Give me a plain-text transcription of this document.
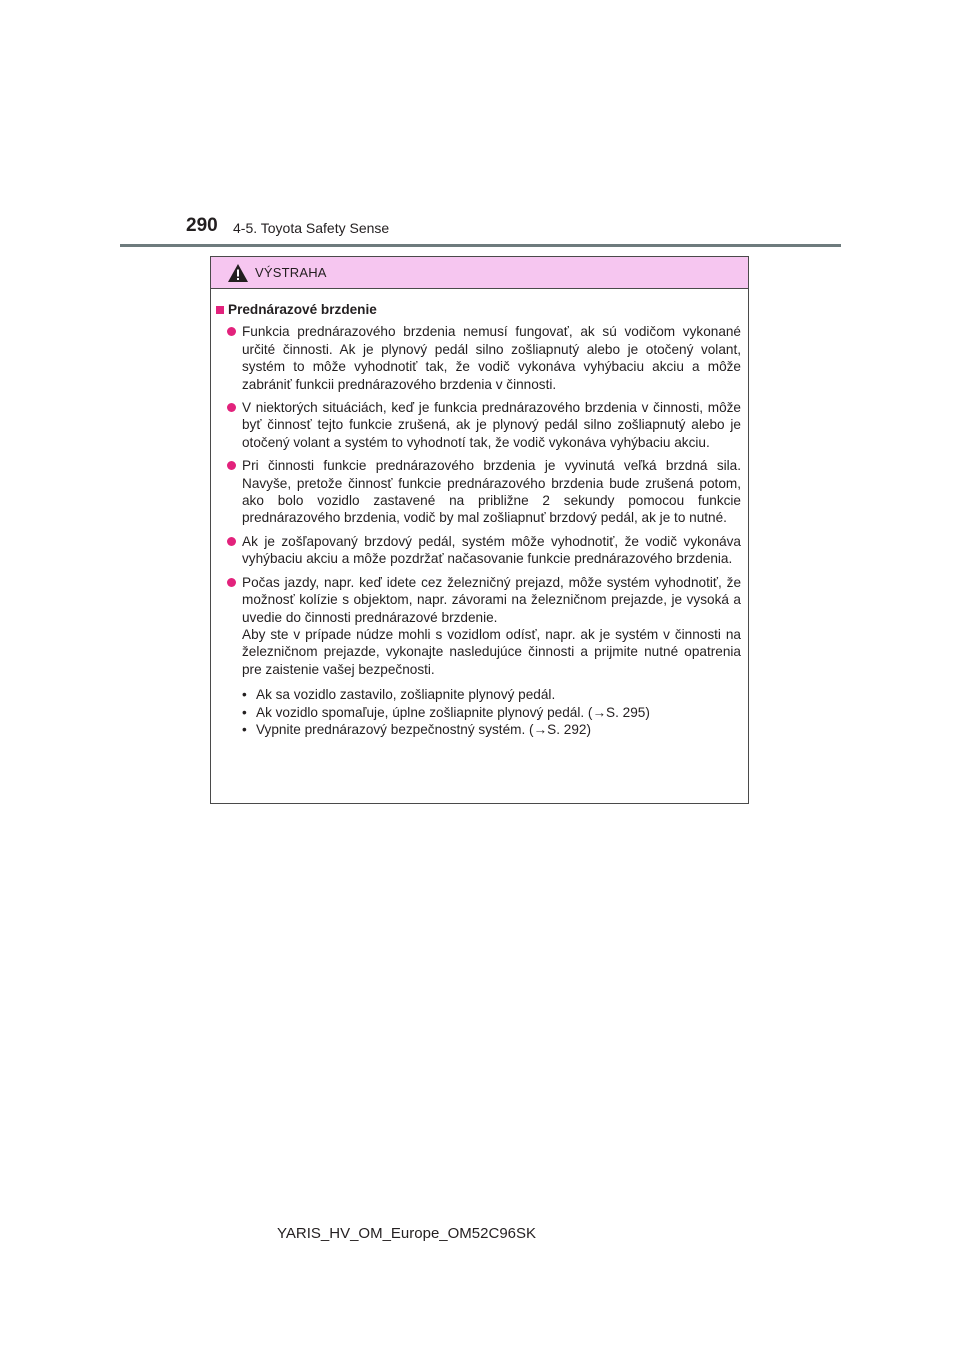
290 4-5. Toyota Safety Sense
VÝSTRAHA
Prednárazové brzdenie
Funkcia prednárazového brzdenia nemusí fungovať, ak sú vodičom vykonané určité činnosti. Ak je plynový pedál silno zošliapnutý alebo je otočený volant, systém to môže vyhodnotiť tak, že vodič vykonáva vyhýbaciu akciu a môže zabrániť funkcii prednárazového brzdenia v činnosti.
V niektorých situáciách, keď je funkcia prednárazového brzdenia v činnosti, môže byť činnosť tejto funkcie zrušená, ak je plynový pedál silno zošliapnutý alebo je otočený volant a systém to vyhodnotí tak, že vodič vykonáva vyhýbaciu akciu.
Pri činnosti funkcie prednárazového brzdenia je vyvinutá veľká brzdná sila. Navyše, pretože činnosť funkcie prednárazového brzdenia bude zrušená potom, ako bolo vozidlo zastavené na približne 2 sekundy pomocou funkcie prednárazového brzdenia, vodič by mal zošliapnuť brzdový pedál, ak je to nutné.
Ak je zošľapovaný brzdový pedál, systém môže vyhodnotiť, že vodič vykonáva vyhýbaciu akciu a môže pozdržať načasovanie funkcie prednárazového brzdenia.

Počas jazdy, napr. keď idete cez železničný prejazd, môže systém vyhodnotiť, že možnosť kolízie s objektom, napr. závorami na železničnom prejazde, je vysoká a uvedie do činnosti prednárazové brzdenie.

Aby ste v prípade núdze mohli s vozidlom odísť, napr. ak je systém v činnosti na železničnom prejazde, vykonajte nasledujúce činnosti a prijmite nutné opatrenia pre zaistenie vašej bezpečnosti.

• Ak sa vozidlo zastavilo, zošliapnite plynový pedál.
• Ak vozidlo spomaľuje, úplne zošliapnite plynový pedál. (→S. 295)
• Vypnite prednárazový bezpečnostný systém. (→S. 292)
YARIS_HV_OM_Europe_OM52C96SK
